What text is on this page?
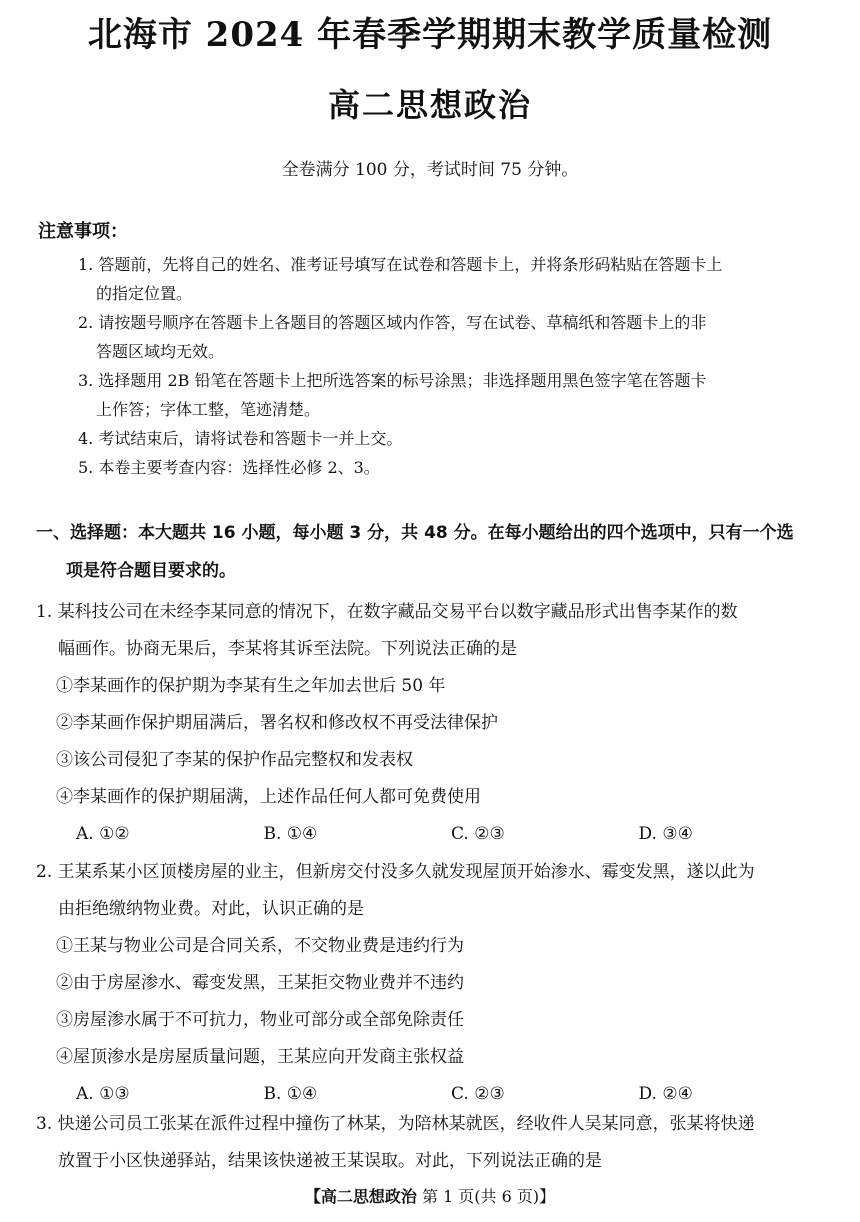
北海市 2024 年春季学期期末教学质量检测
高二思想政治
全卷满分 100 分，考试时间 75 分钟。
注意事项：
1. 答题前，先将自己的姓名、准考证号填写在试卷和答题卡上，并将条形码粘贴在答题卡上
的指定位置。
2. 请按题号顺序在答题卡上各题目的答题区域内作答，写在试卷、草稿纸和答题卡上的非
答题区域均无效。
3. 选择题用 2B 铅笔在答题卡上把所选答案的标号涂黑；非选择题用黑色签字笔在答题卡
上作答；字体工整，笔迹清楚。
4. 考试结束后，请将试卷和答题卡一并上交。
5. 本卷主要考查内容：选择性必修 2、3。
一、选择题：本大题共 16 小题，每小题 3 分，共 48 分。在每小题给出的四个选项中，只有一个选
项是符合题目要求的。
1. 某科技公司在未经李某同意的情况下，在数字藏品交易平台以数字藏品形式出售李某作的数
幅画作。协商无果后，李某将其诉至法院。下列说法正确的是
①李某画作的保护期为李某有生之年加去世后 50 年
②李某画作保护期届满后，署名权和修改权不再受法律保护
③该公司侵犯了李某的保护作品完整权和发表权
④李某画作的保护期届满，上述作品任何人都可免费使用
A. ①②	B. ①④	C. ②③	D. ③④
2. 王某系某小区顶楼房屋的业主，但新房交付没多久就发现屋顶开始渗水、霉变发黑，遂以此为
由拒绝缴纳物业费。对此，认识正确的是
①王某与物业公司是合同关系，不交物业费是违约行为
②由于房屋渗水、霉变发黑，王某拒交物业费并不违约
③房屋渗水属于不可抗力，物业可部分或全部免除责任
④屋顶渗水是房屋质量问题，王某应向开发商主张权益
A. ①③	B. ①④	C. ②③	D. ②④
3. 快递公司员工张某在派件过程中撞伤了林某，为陪林某就医，经收件人吴某同意，张某将快递
放置于小区快递驿站，结果该快递被王某误取。对此，下列说法正确的是
【高二思想政治 第 1 页(共 6 页)】
